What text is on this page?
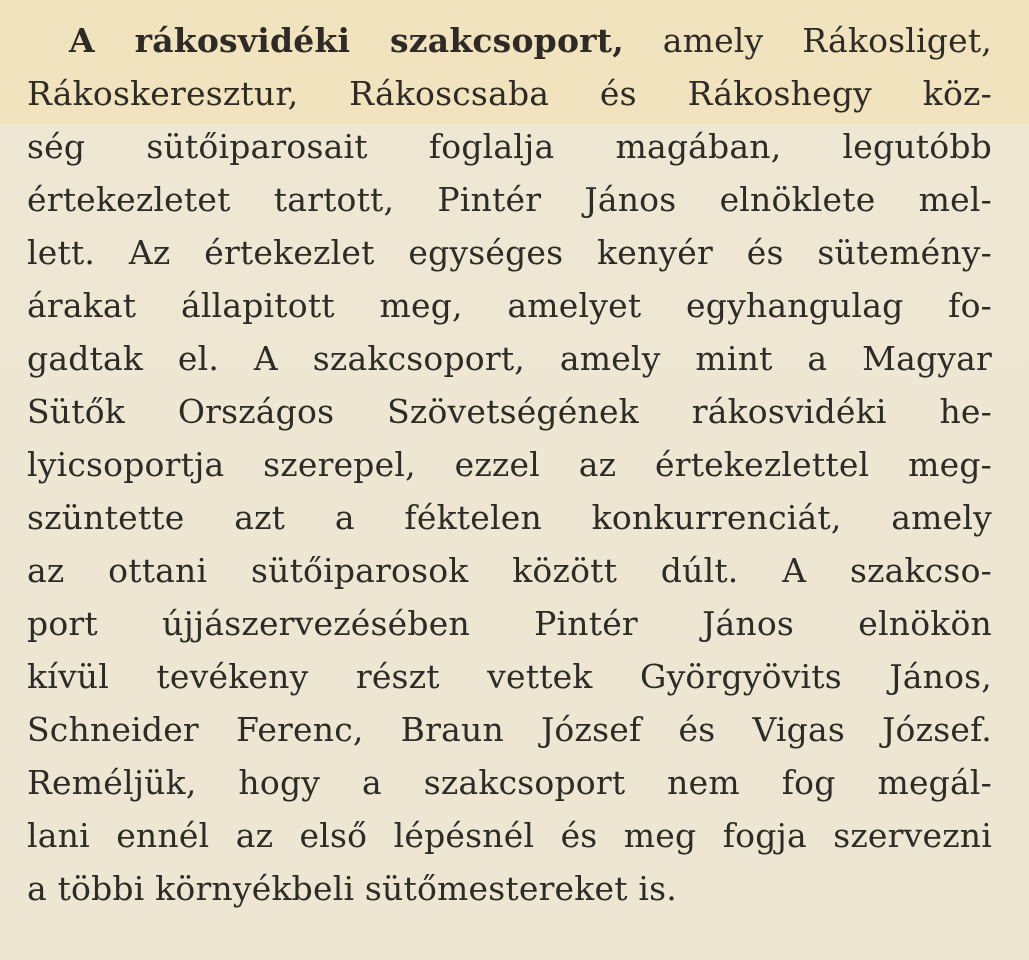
A rákosvidéki szakcsoport, amely Rákosliget,
Rákoskeresztur, Rákoscsaba és Rákoshegy köz-
ség sütőiparosait foglalja magában, legutóbb
értekezletet tartott, Pintér János elnöklete mel-
lett. Az értekezlet egységes kenyér és sütemény-
árakat állapitott meg, amelyet egyhangulag fo-
gadtak el. A szakcsoport, amely mint a Magyar
Sütők Országos Szövetségének rákosvidéki he-
lyicsoportja szerepel, ezzel az értekezlettel meg-
szüntette azt a féktelen konkurrenciát, amely
az ottani sütőiparosok között dúlt. A szakcso-
port újjászervezésében Pintér János elnökön
kívül tevékeny részt vettek Györgyövits János,
Schneider Ferenc, Braun József és Vigas József.
Reméljük, hogy a szakcsoport nem fog megál-
lani ennél az első lépésnél és meg fogja szervezni
a többi környékbeli sütőmestereket is.
